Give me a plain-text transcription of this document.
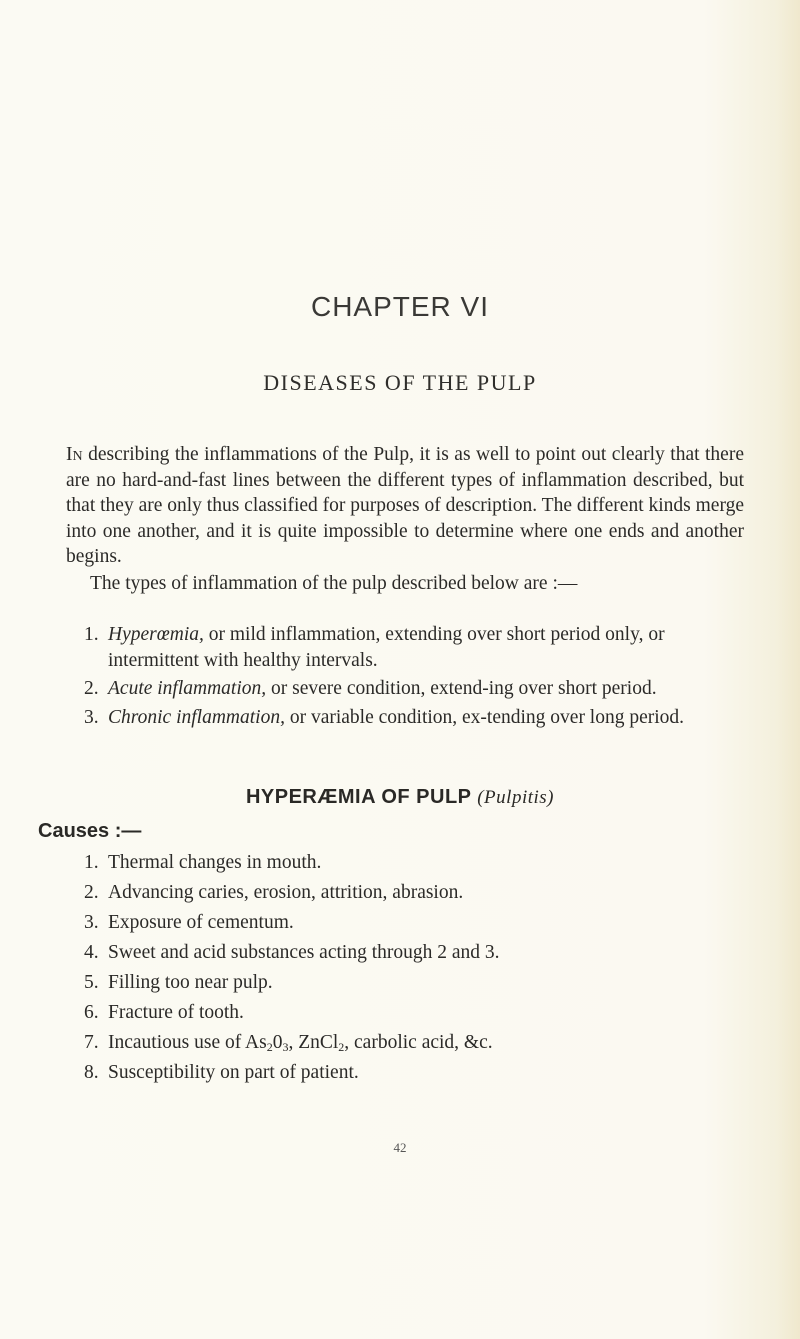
CHAPTER VI
DISEASES OF THE PULP
In describing the inflammations of the Pulp, it is as well to point out clearly that there are no hard-and-fast lines between the different types of inflammation described, but that they are only thus classified for purposes of description. The different kinds merge into one another, and it is quite impossible to determine where one ends and another begins.
The types of inflammation of the pulp described below are :—
1. Hyperœmia, or mild inflammation, extending over short period only, or intermittent with healthy intervals.
2. Acute inflammation, or severe condition, extend-ing over short period.
3. Chronic inflammation, or variable condition, ex-tending over long period.
HYPERÆMIA OF PULP (Pulpitis)
Causes :—
1. Thermal changes in mouth.
2. Advancing caries, erosion, attrition, abrasion.
3. Exposure of cementum.
4. Sweet and acid substances acting through 2 and 3.
5. Filling too near pulp.
6. Fracture of tooth.
7. Incautious use of $As_20_3$, ZnCl$_2$, carbolic acid, &c.
8. Susceptibility on part of patient.
42
